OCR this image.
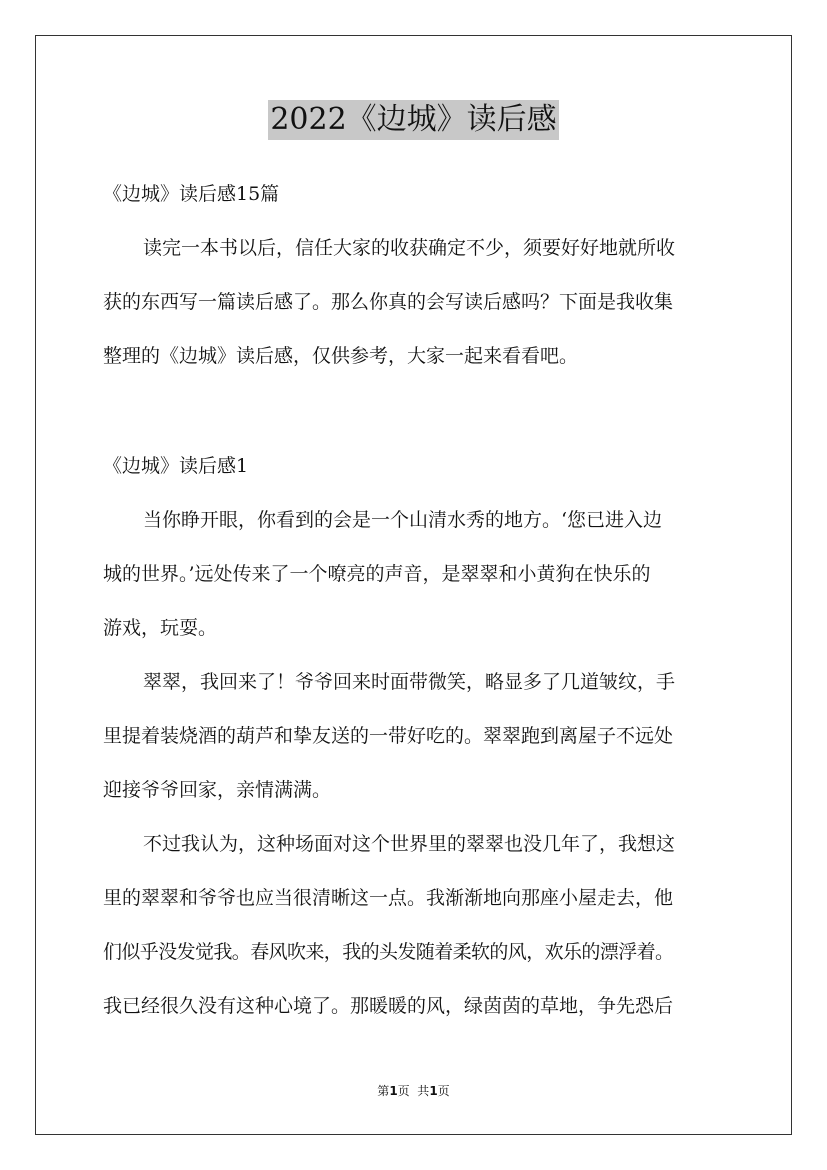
2022《边城》读后感
《边城》读后感15篇
读完一本书以后，信任大家的收获确定不少，须要好好地就所收
获的东西写一篇读后感了。那么你真的会写读后感吗？下面是我收集
整理的《边城》读后感，仅供参考，大家一起来看看吧。
《边城》读后感1
当你睁开眼，你看到的会是一个山清水秀的地方。‘您已进入边
城的世界。’远处传来了一个嘹亮的声音，是翠翠和小黄狗在快乐的
游戏，玩耍。
翠翠，我回来了！爷爷回来时面带微笑，略显多了几道皱纹，手
里提着装烧酒的葫芦和挚友送的一带好吃的。翠翠跑到离屋子不远处
迎接爷爷回家，亲情满满。
不过我认为，这种场面对这个世界里的翠翠也没几年了，我想这
里的翠翠和爷爷也应当很清晰这一点。我渐渐地向那座小屋走去，他
们似乎没发觉我。春风吹来，我的头发随着柔软的风，欢乐的漂浮着。
我已经很久没有这种心境了。那暖暖的风，绿茵茵的草地，争先恐后
第1页  共1页
